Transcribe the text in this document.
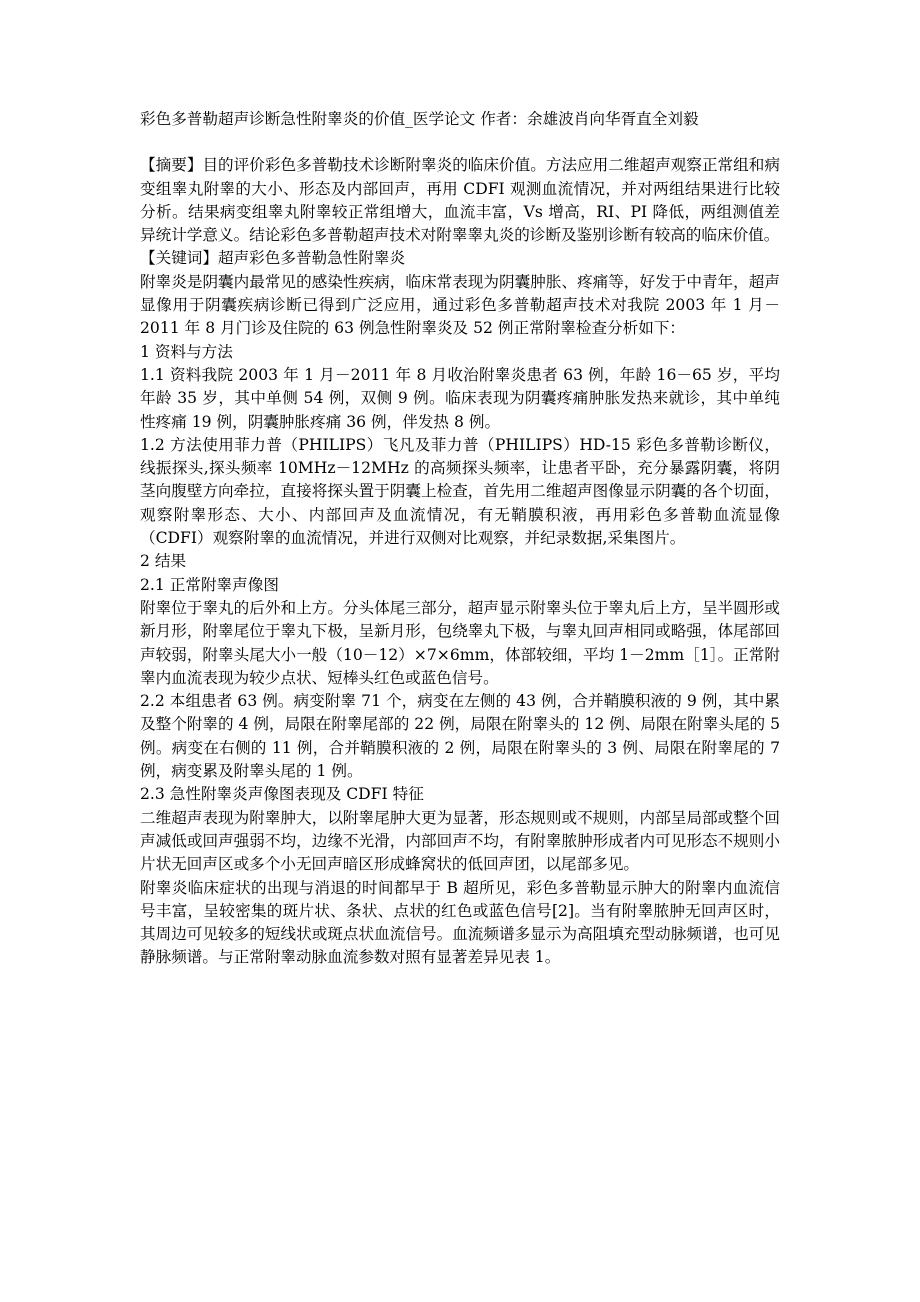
彩色多普勒超声诊断急性附睾炎的价值_医学论文 作者：余雄波肖向华胥直全刘毅

【摘要】目的评价彩色多普勒技术诊断附睾炎的临床价值。方法应用二维超声观察正常组和病变组睾丸附睾的大小、形态及内部回声，再用 CDFI 观测血流情况，并对两组结果进行比较分析。结果病变组睾丸附睾较正常组增大，血流丰富，Vs 增高，RI、PI 降低，两组测值差异统计学意义。结论彩色多普勒超声技术对附睾睾丸炎的诊断及鉴别诊断有较高的临床价值。

【关键词】超声彩色多普勒急性附睾炎

附睾炎是阴囊内最常见的感染性疾病，临床常表现为阴囊肿胀、疼痛等，好发于中青年，超声显像用于阴囊疾病诊断已得到广泛应用，通过彩色多普勒超声技术对我院 2003 年 1 月－2011 年 8 月门诊及住院的 63 例急性附睾炎及 52 例正常附睾检查分析如下：

1 资料与方法

1.1 资料我院 2003 年 1 月－2011 年 8 月收治附睾炎患者 63 例，年龄 16－65 岁，平均年龄 35 岁，其中单侧 54 例，双侧 9 例。临床表现为阴囊疼痛肿胀发热来就诊，其中单纯性疼痛 19 例，阴囊肿胀疼痛 36 例，伴发热 8 例。

1.2 方法使用菲力普（PHILIPS）飞凡及菲力普（PHILIPS）HD-15 彩色多普勒诊断仪，线振探头,探头频率 10MHz－12MHz 的高频探头频率，让患者平卧，充分暴露阴囊，将阴茎向腹壁方向牵拉，直接将探头置于阴囊上检查，首先用二维超声图像显示阴囊的各个切面，观察附睾形态、大小、内部回声及血流情况，有无鞘膜积液，再用彩色多普勒血流显像（CDFI）观察附睾的血流情况，并进行双侧对比观察，并纪录数据,采集图片。

2 结果

2.1 正常附睾声像图

附睾位于睾丸的后外和上方。分头体尾三部分，超声显示附睾头位于睾丸后上方，呈半圆形或新月形，附睾尾位于睾丸下极，呈新月形，包绕睾丸下极，与睾丸回声相同或略强，体尾部回声较弱，附睾头尾大小一般（10－12）×7×6mm，体部较细，平均 1－2mm［1］。正常附睾内血流表现为较少点状、短棒头红色或蓝色信号。

2.2 本组患者 63 例。病变附睾 71 个，病变在左侧的 43 例，合并鞘膜积液的 9 例，其中累及整个附睾的 4 例，局限在附睾尾部的 22 例，局限在附睾头的 12 例、局限在附睾头尾的 5 例。病变在右侧的 11 例，合并鞘膜积液的 2 例，局限在附睾头的 3 例、局限在附睾尾的 7 例，病变累及附睾头尾的 1 例。

2.3 急性附睾炎声像图表现及 CDFI 特征

二维超声表现为附睾肿大，以附睾尾肿大更为显著，形态规则或不规则，内部呈局部或整个回声减低或回声强弱不均，边缘不光滑，内部回声不均，有附睾脓肿形成者内可见形态不规则小片状无回声区或多个小无回声暗区形成蜂窝状的低回声团，以尾部多见。

附睾炎临床症状的出现与消退的时间都早于 B 超所见，彩色多普勒显示肿大的附睾内血流信号丰富，呈较密集的斑片状、条状、点状的红色或蓝色信号[2]。当有附睾脓肿无回声区时，其周边可见较多的短线状或斑点状血流信号。血流频谱多显示为高阻填充型动脉频谱，也可见静脉频谱。与正常附睾动脉血流参数对照有显著差异见表 1。
